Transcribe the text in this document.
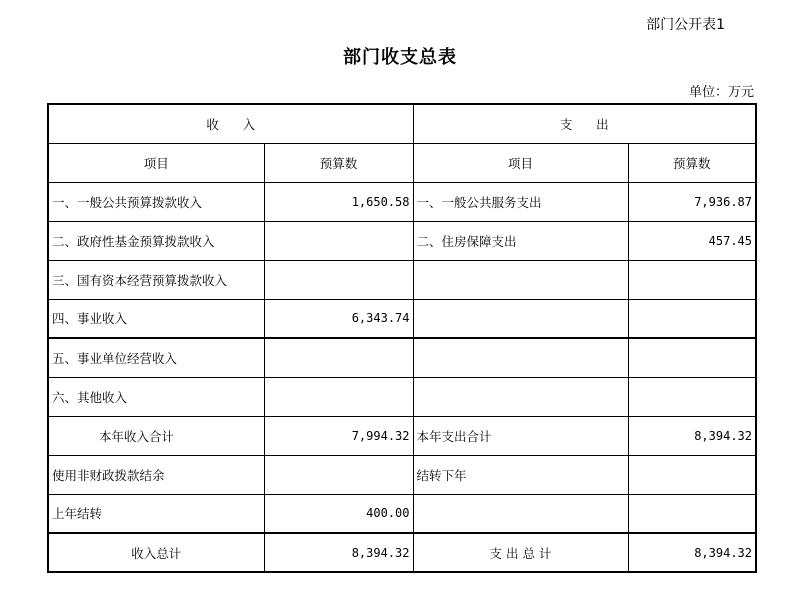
部门公开表1
部门收支总表
单位：万元
收      入		支      出	
项目	预算数	项目	预算数
一、一般公共预算拨款收入	1,650.58	一、一般公共服务支出	7,936.87
二、政府性基金预算拨款收入		二、住房保障支出	457.45
三、国有资本经营预算拨款收入			
四、事业收入	6,343.74		
五、事业单位经营收入			
六、其他收入			
本年收入合计	7,994.32	本年支出合计	8,394.32
使用非财政拨款结余		结转下年	
上年结转	400.00		
收入总计	8,394.32	支 出 总 计	8,394.32
